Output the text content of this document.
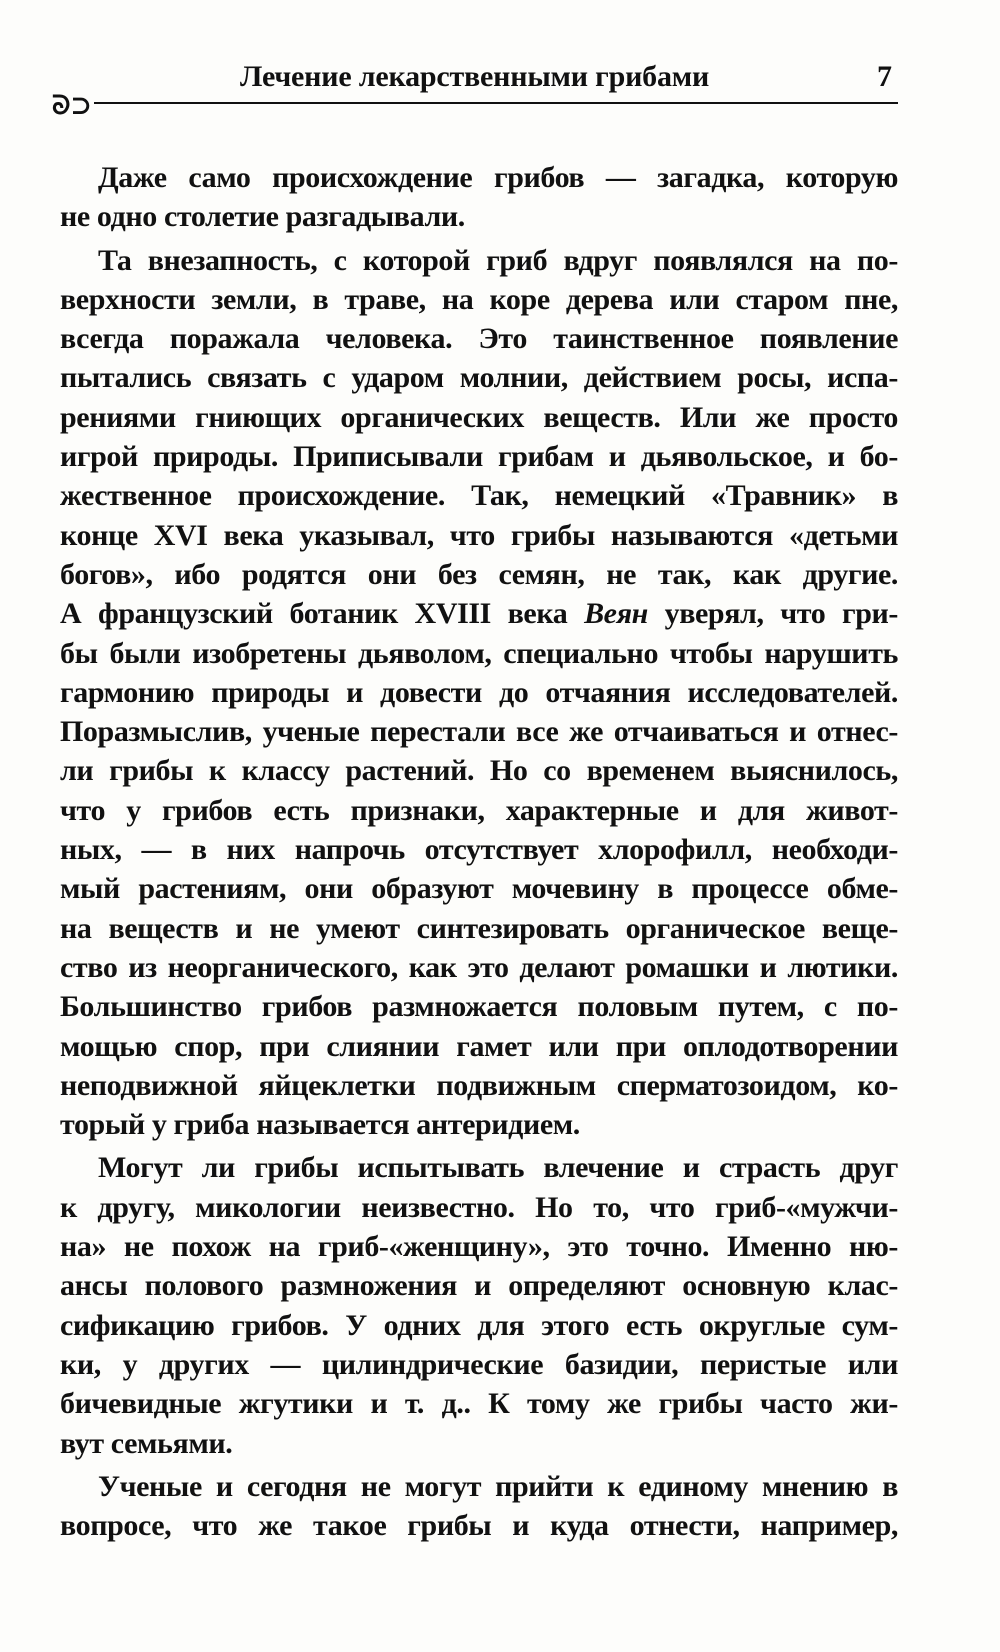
ᘐ⊃
Лечение лекарственными грибами	7
Даже само происхождение грибов — загадка, которую
не одно столетие разгадывали.
Та внезапность, с которой гриб вдруг появлялся на по-
верхности земли, в траве, на коре дерева или старом пне,
всегда поражала человека. Это таинственное появление
пытались связать с ударом молнии, действием росы, испа-
рениями гниющих органических веществ. Или же просто
игрой природы. Приписывали грибам и дьявольское, и бо-
жественное происхождение. Так, немецкий «Травник» в
конце XVI века указывал, что грибы называются «детьми
богов», ибо родятся они без семян, не так, как другие.
А французский ботаник XVIII века Веян уверял, что гри-
бы были изобретены дьяволом, специально чтобы нарушить
гармонию природы и довести до отчаяния исследователей.
Поразмыслив, ученые перестали все же отчаиваться и отнес-
ли грибы к классу растений. Но со временем выяснилось,
что у грибов есть признаки, характерные и для живот-
ных, — в них напрочь отсутствует хлорофилл, необходи-
мый растениям, они образуют мочевину в процессе обме-
на веществ и не умеют синтезировать органическое веще-
ство из неорганического, как это делают ромашки и лютики.
Большинство грибов размножается половым путем, с по-
мощью спор, при слиянии гамет или при оплодотворении
неподвижной яйцеклетки подвижным сперматозоидом, ко-
торый у гриба называется антеридием.
Могут ли грибы испытывать влечение и страсть друг
к другу, микологии неизвестно. Но то, что гриб-«мужчи-
на» не похож на гриб-«женщину», это точно. Именно ню-
ансы полового размножения и определяют основную клас-
сификацию грибов. У одних для этого есть округлые сум-
ки, у других — цилиндрические базидии, перистые или
бичевидные жгутики и т. д.. К тому же грибы часто жи-
вут семьями.
Ученые и сегодня не могут прийти к единому мнению в
вопросе, что же такое грибы и куда отнести, например,
